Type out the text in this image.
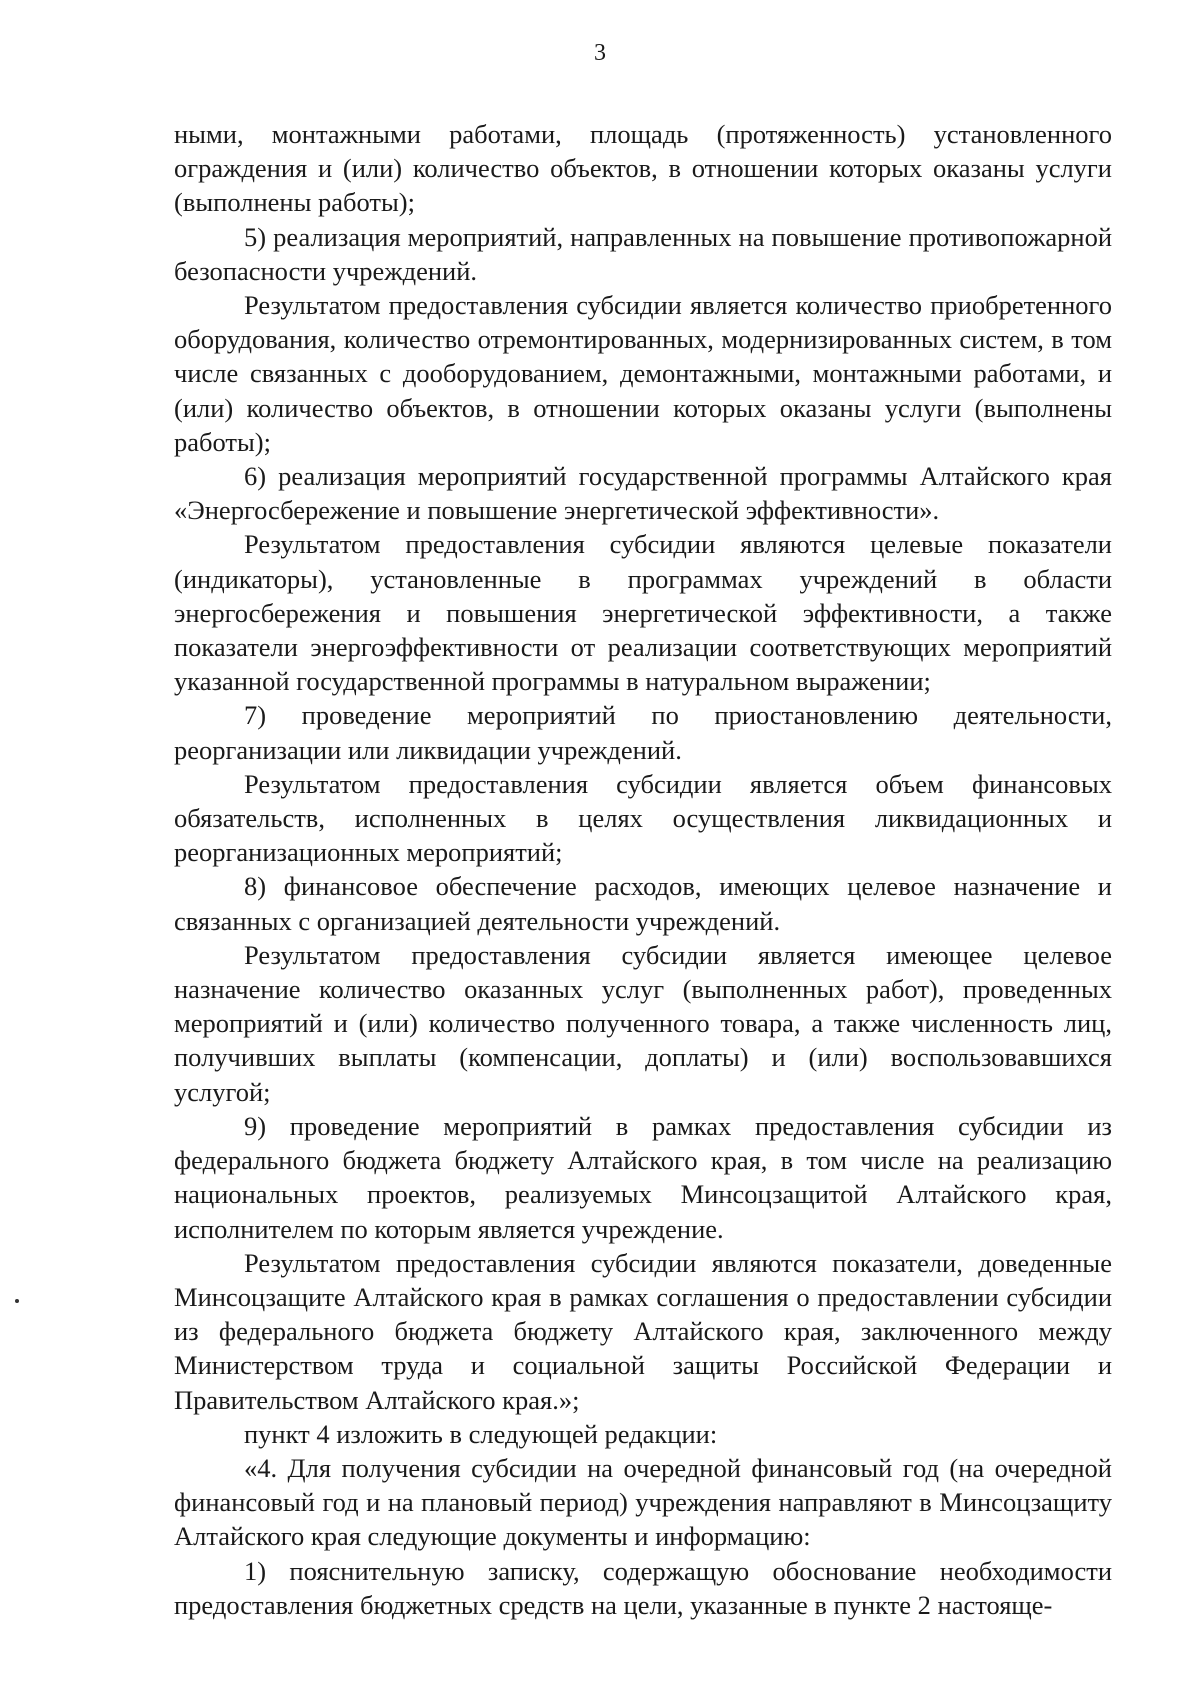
3

ными, монтажными работами, площадь (протяженность) установленного ограждения и (или) количество объектов, в отношении которых оказаны услуги (выполнены работы);

5) реализация мероприятий, направленных на повышение противопожарной безопасности учреждений.

Результатом предоставления субсидии является количество приобретенного оборудования, количество отремонтированных, модернизированных систем, в том числе связанных с дооборудованием, демонтажными, монтажными работами, и (или) количество объектов, в отношении которых оказаны услуги (выполнены работы);

6) реализация мероприятий государственной программы Алтайского края «Энергосбережение и повышение энергетической эффективности».

Результатом предоставления субсидии являются целевые показатели (индикаторы), установленные в программах учреждений в области энергосбережения и повышения энергетической эффективности, а также показатели энергоэффективности от реализации соответствующих мероприятий указанной государственной программы в натуральном выражении;

7) проведение мероприятий по приостановлению деятельности, реорганизации или ликвидации учреждений.

Результатом предоставления субсидии является объем финансовых обязательств, исполненных в целях осуществления ликвидационных и реорганизационных мероприятий;

8) финансовое обеспечение расходов, имеющих целевое назначение и связанных с организацией деятельности учреждений.

Результатом предоставления субсидии является имеющее целевое назначение количество оказанных услуг (выполненных работ), проведенных мероприятий и (или) количество полученного товара, а также численность лиц, получивших выплаты (компенсации, доплаты) и (или) воспользовавшихся услугой;

9) проведение мероприятий в рамках предоставления субсидии из федерального бюджета бюджету Алтайского края, в том числе на реализацию национальных проектов, реализуемых Минсоцзащитой Алтайского края, исполнителем по которым является учреждение.

Результатом предоставления субсидии являются показатели, доведенные Минсоцзащите Алтайского края в рамках соглашения о предоставлении субсидии из федерального бюджета бюджету Алтайского края, заключенного между Министерством труда и социальной защиты Российской Федерации и Правительством Алтайского края.»;

пункт 4 изложить в следующей редакции:

«4. Для получения субсидии на очередной финансовый год (на очередной финансовый год и на плановый период) учреждения направляют в Минсоцзащиту Алтайского края следующие документы и информацию:

1) пояснительную записку, содержащую обоснование необходимости предоставления бюджетных средств на цели, указанные в пункте 2 настояще-
